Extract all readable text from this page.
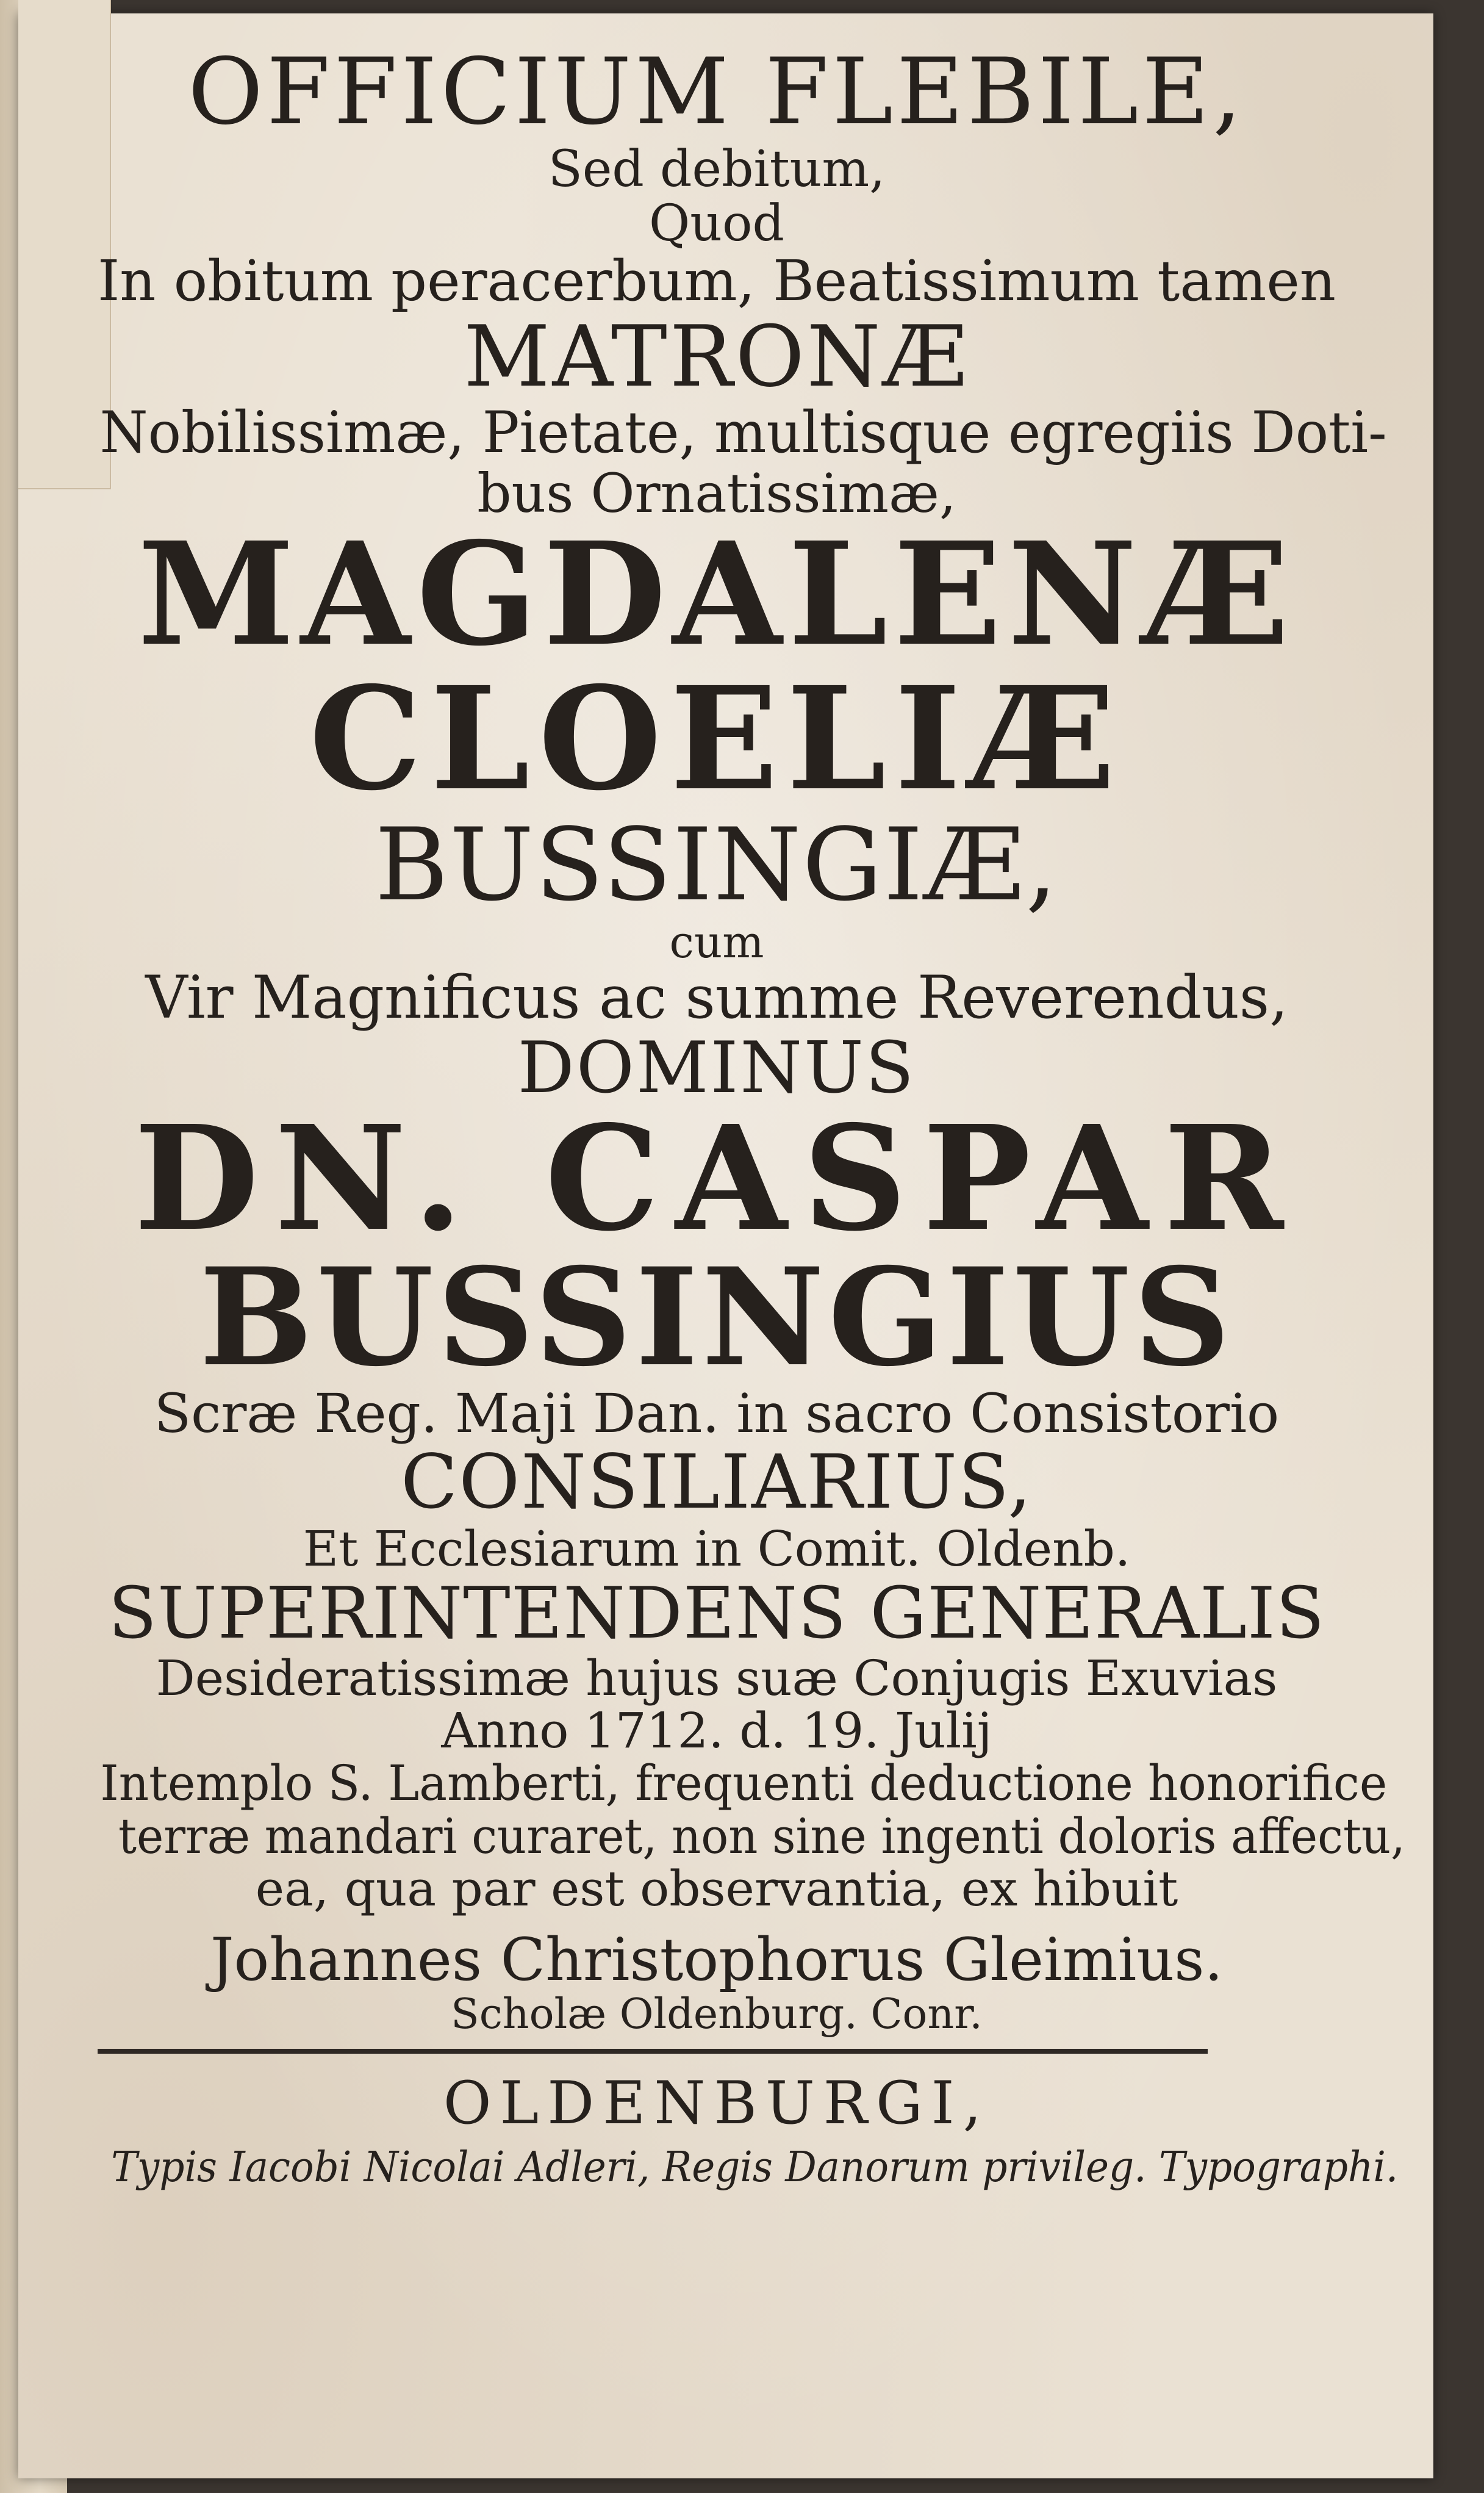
OFFICIUM FLEBILE,
Sed debitum,
Quod
In obitum peracerbum, Beatissimum tamen
MATRONÆ
Nobilissimæ, Pietate, multisque egregiis Doti-
bus Ornatissimæ,
MAGDALENÆ
CLOELIÆ
BUSSINGIÆ,
cum
Vir Magnificus ac summe Reverendus,
DOMINUS
DN. CASPAR
BUSSINGIUS
Scræ Reg. Maji Dan. in sacro Consistorio
CONSILIARIUS,
Et Ecclesiarum in Comit. Oldenb.
SUPERINTENDENS GENERALIS
Desideratissimæ hujus suæ Conjugis Exuvias
Anno 1712. d. 19. Julij
Intemplo S. Lamberti, frequenti deductione honorifice
terræ mandari curaret, non sine ingenti doloris affectu,
ea, qua par est observantia, ex hibuit
Johannes Christophorus Gleimius.
Scholæ Oldenburg. Conr.
OLDENBURGI,
Typis Iacobi Nicolai Adleri, Regis Danorum privileg. Typographi.
